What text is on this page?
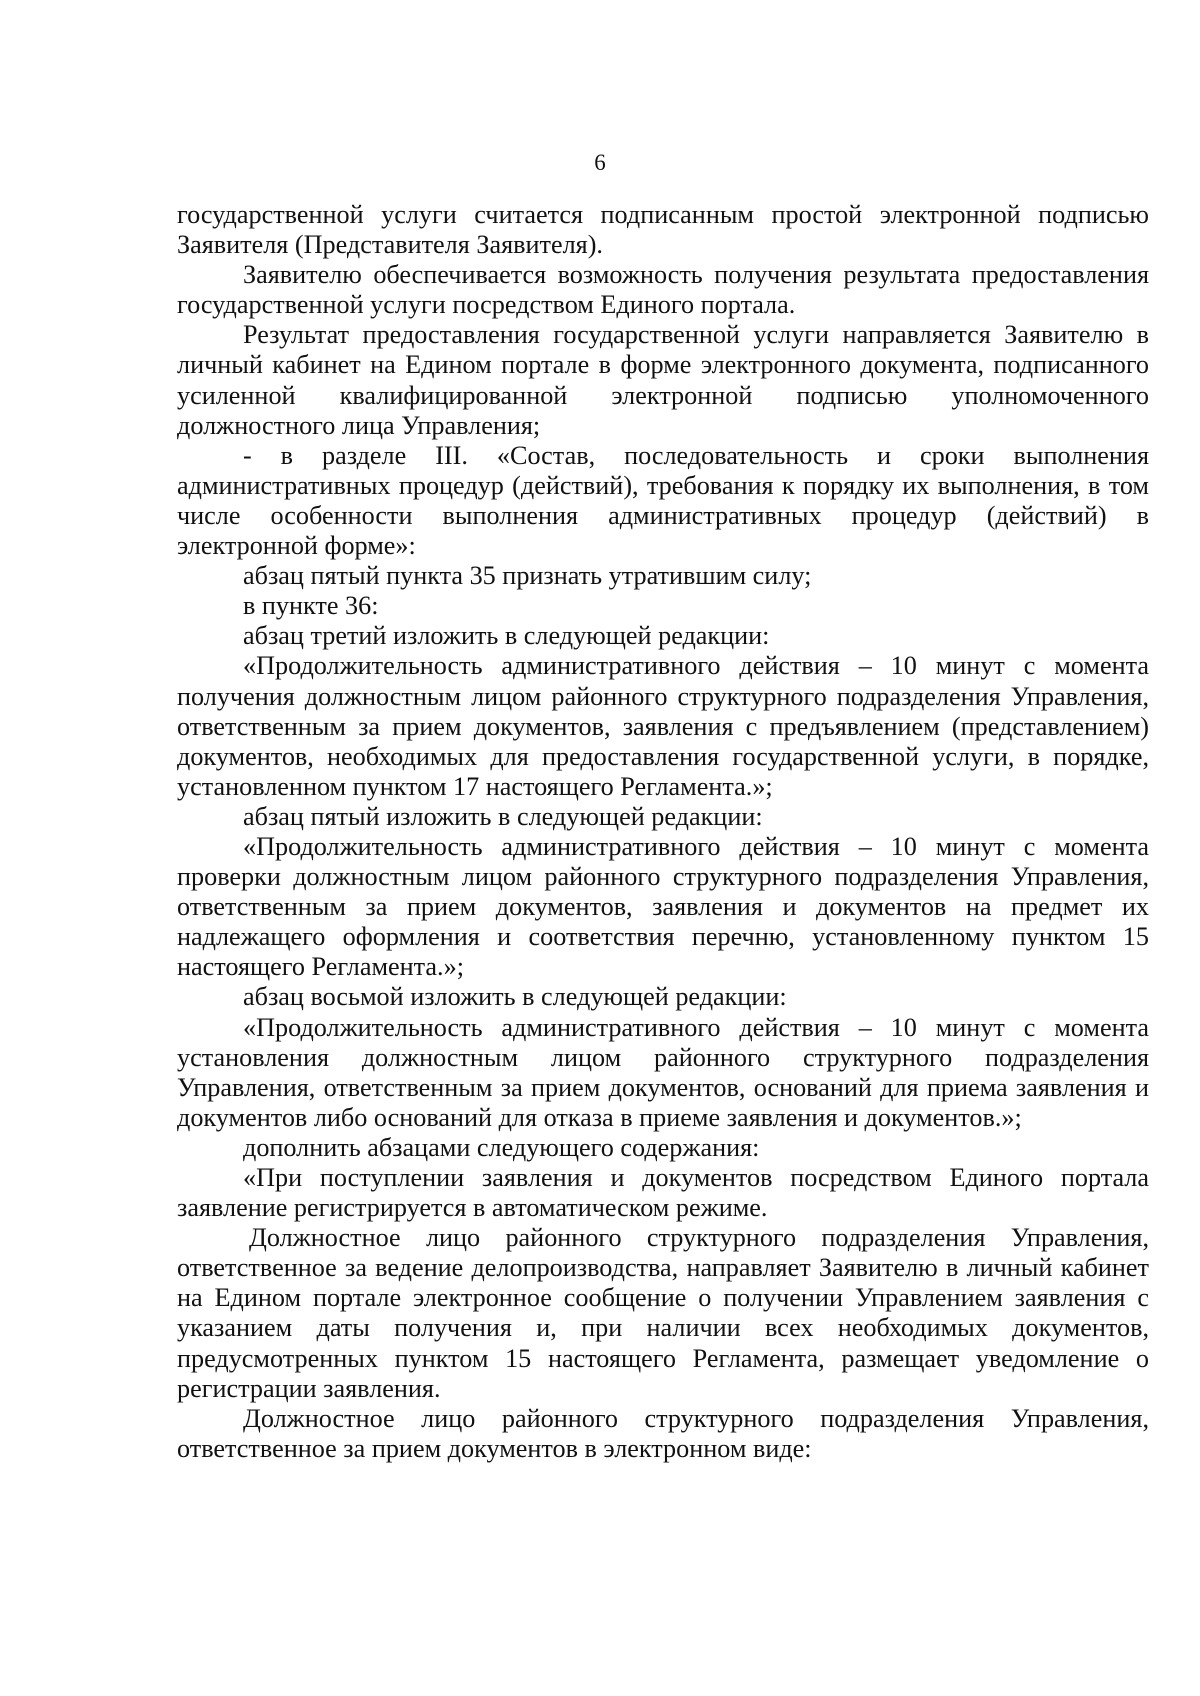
6

государственной услуги считается подписанным простой электронной подписью Заявителя (Представителя Заявителя).

Заявителю обеспечивается возможность получения результата предоставления государственной услуги посредством Единого портала.

Результат предоставления государственной услуги направляется Заявителю в личный кабинет на Едином портале в форме электронного документа, подписанного усиленной квалифицированной электронной подписью уполномоченного должностного лица Управления;

- в разделе III. «Состав, последовательность и сроки выполнения административных процедур (действий), требования к порядку их выполнения, в том числе особенности выполнения административных процедур (действий) в электронной форме»:

абзац пятый пункта 35 признать утратившим силу;

в пункте 36:

абзац третий изложить в следующей редакции:

«Продолжительность административного действия – 10 минут с момента получения должностным лицом районного структурного подразделения Управления, ответственным за прием документов, заявления с предъявлением (представлением) документов, необходимых для предоставления государственной услуги, в порядке, установленном пунктом 17 настоящего Регламента.»;

абзац пятый изложить в следующей редакции:

«Продолжительность административного действия – 10 минут с момента проверки должностным лицом районного структурного подразделения Управления, ответственным за прием документов, заявления и документов на предмет их надлежащего оформления и соответствия перечню, установленному пунктом 15 настоящего Регламента.»;

абзац восьмой изложить в следующей редакции:

«Продолжительность административного действия – 10 минут с момента установления должностным лицом районного структурного подразделения Управления, ответственным за прием документов, оснований для приема заявления и документов либо оснований для отказа в приеме заявления и документов.»;

дополнить абзацами следующего содержания:

«При поступлении заявления и документов посредством Единого портала заявление регистрируется в автоматическом режиме.

Должностное лицо районного структурного подразделения Управления, ответственное за ведение делопроизводства, направляет Заявителю в личный кабинет на Едином портале электронное сообщение о получении Управлением заявления с указанием даты получения и, при наличии всех необходимых документов, предусмотренных пунктом 15 настоящего Регламента, размещает уведомление о регистрации заявления.

Должностное лицо районного структурного подразделения Управления, ответственное за прием документов в электронном виде:
